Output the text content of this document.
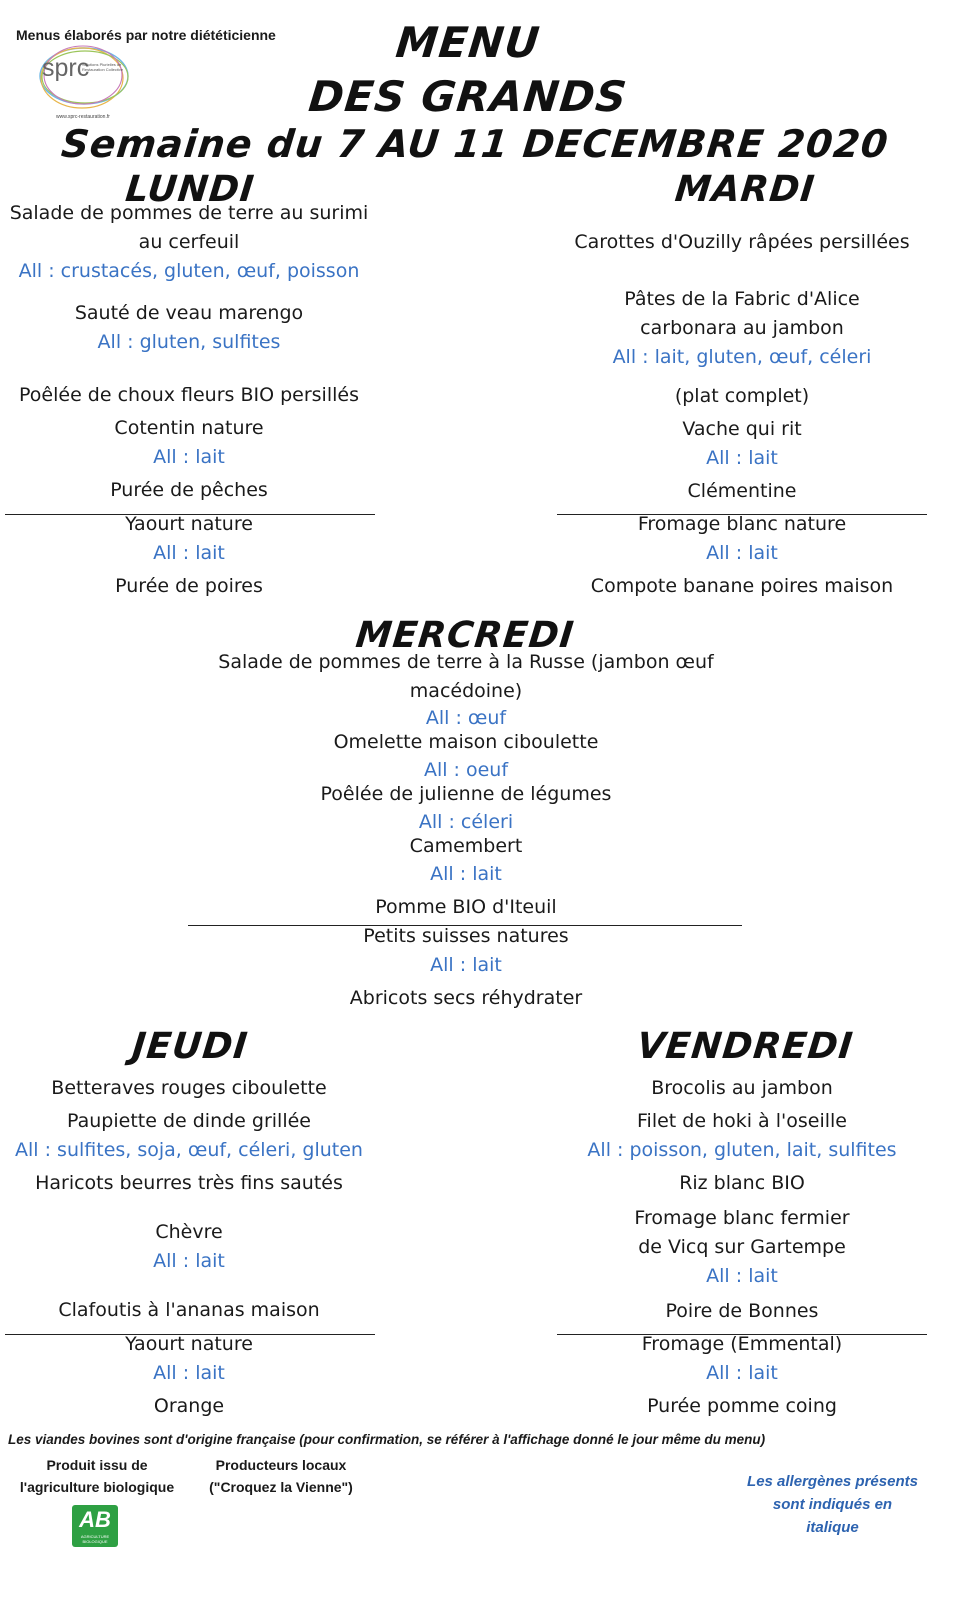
Menus élaborés par notre diététicienne
sprc
Solutions Plurielles de Restauration Collective
www.sprc-restauration.fr
MENU
DES GRANDS
Semaine du 7 AU 11 DECEMBRE 2020
LUNDI
Salade de pommes de terre au surimi
au cerfeuil
All : crustacés, gluten, œuf, poisson
Sauté de veau marengo
All : gluten, sulfites
Poêlée de choux fleurs BIO persillés
Cotentin nature
All : lait
Purée de pêches
Yaourt nature
All : lait
Purée de poires
MARDI
Carottes d'Ouzilly râpées persillées
Pâtes de la Fabric d'Alice
carbonara au jambon
All : lait, gluten, œuf, céleri
(plat complet)
Vache qui rit
All : lait
Clémentine
Fromage blanc nature
All : lait
Compote banane poires maison
MERCREDI
Salade de pommes de terre à la Russe (jambon œuf
macédoine)
All : œuf
Omelette maison ciboulette
All : oeuf
Poêlée de julienne de légumes
All : céleri
Camembert
All : lait
Pomme BIO d'Iteuil
Petits suisses natures
All : lait
Abricots secs réhydrater
JEUDI
Betteraves rouges ciboulette
Paupiette de dinde grillée
All : sulfites, soja, œuf, céleri, gluten
Haricots beurres très fins sautés
Chèvre
All : lait
Clafoutis à l'ananas maison
Yaourt nature
All : lait
Orange
VENDREDI
Brocolis au jambon
Filet de hoki à l'oseille
All : poisson, gluten, lait, sulfites
Riz blanc BIO
Fromage blanc fermier
de Vicq sur Gartempe
All : lait
Poire de Bonnes
Fromage (Emmental)
All : lait
Purée pomme coing
Les viandes bovines sont d'origine française (pour confirmation, se référer à l'affichage donné le jour même du menu)
Produit issu de
l'agriculture biologique
Producteurs locaux
("Croquez la Vienne")
AB
AGRICULTURE BIOLOGIQUE
Les allergènes présents
sont indiqués en
italique
